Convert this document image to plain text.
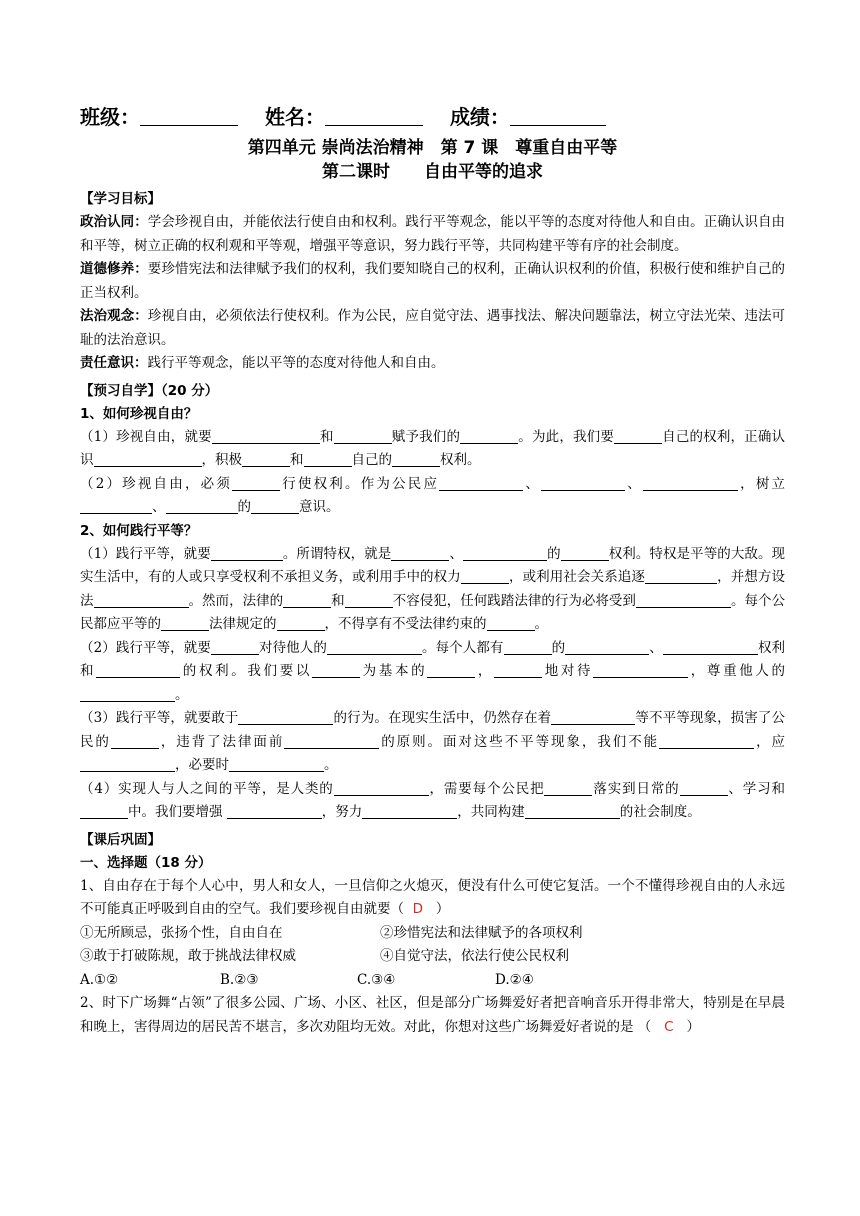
班级：	姓名：	成绩：
第四单元 崇尚法治精神　第 7 课　尊重自由平等
第二课时　　自由平等的追求
【学习目标】
政治认同：学会珍视自由，并能依法行使自由和权利。践行平等观念，能以平等的态度对待他人和自由。正确认识自由和平等，树立正确的权利观和平等观，增强平等意识，努力践行平等，共同构建平等有序的社会制度。
道德修养：要珍惜宪法和法律赋予我们的权利，我们要知晓自己的权利，正确认识权利的价值，积极行使和维护自己的正当权利。
法治观念：珍视自由，必须依法行使权利。作为公民，应自觉守法、遇事找法、解决问题靠法，树立守法光荣、违法可耻的法治意识。
责任意识：践行平等观念，能以平等的态度对待他人和自由。
【预习自学】（20 分）
1、如何珍视自由？
（1）珍视自由，就要	和	赋予我们的	。为此，我们要	自己的权利，正确认识	，积极	和	自己的	权利。
（2）珍视自由，必须	行使权利。作为公民应	、	、	，树立、	的	意识。
2、如何践行平等？
（1）践行平等，就要	。所谓特权，就是	、	的	权利。特权是平等的大敌。现实生活中，有的人或只享受权利不承担义务，或利用手中的权力	，或利用社会关系追逐	，并想方设法	。然而，法律的	和	不容侵犯，任何践踏法律的行为必将受到	。每个公民都应平等的	法律规定的	，不得享有不受法律约束的	。
（2）践行平等，就要	对待他人的	。每个人都有	的	、	权利和	的权利。我们要以	为基本的	，	地对待	，尊重他人的。
（3）践行平等，就要敢于	的行为。在现实生活中，仍然存在着	等不平等现象，损害了公民的	，违背了法律面前	的原则。面对这些不平等现象，我们不能	，应，必要时	。
（4）实现人与人之间的平等，是人类的	，需要每个公民把	落实到日常的	、学习和中。我们要增强	，努力	，共同构建	的社会制度。
【课后巩固】
一、选择题（18 分）
1、自由存在于每个人心中，男人和女人，一旦信仰之火熄灭，便没有什么可使它复活。一个不懂得珍视自由的人永远不可能真正呼吸到自由的空气。我们要珍视自由就要（ D ）
①无所顾忌，张扬个性，自由自在	②珍惜宪法和法律赋予的各项权利
③敢于打破陈规，敢于挑战法律权威	④自觉守法，依法行使公民权利
A.①②	B.②③	C.③④	D.②④
2、时下广场舞“占领”了很多公园、广场、小区、社区，但是部分广场舞爱好者把音响音乐开得非常大，特别是在早晨和晚上，害得周边的居民苦不堪言，多次劝阻均无效。对此，你想对这些广场舞爱好者说的是 （ C ）
